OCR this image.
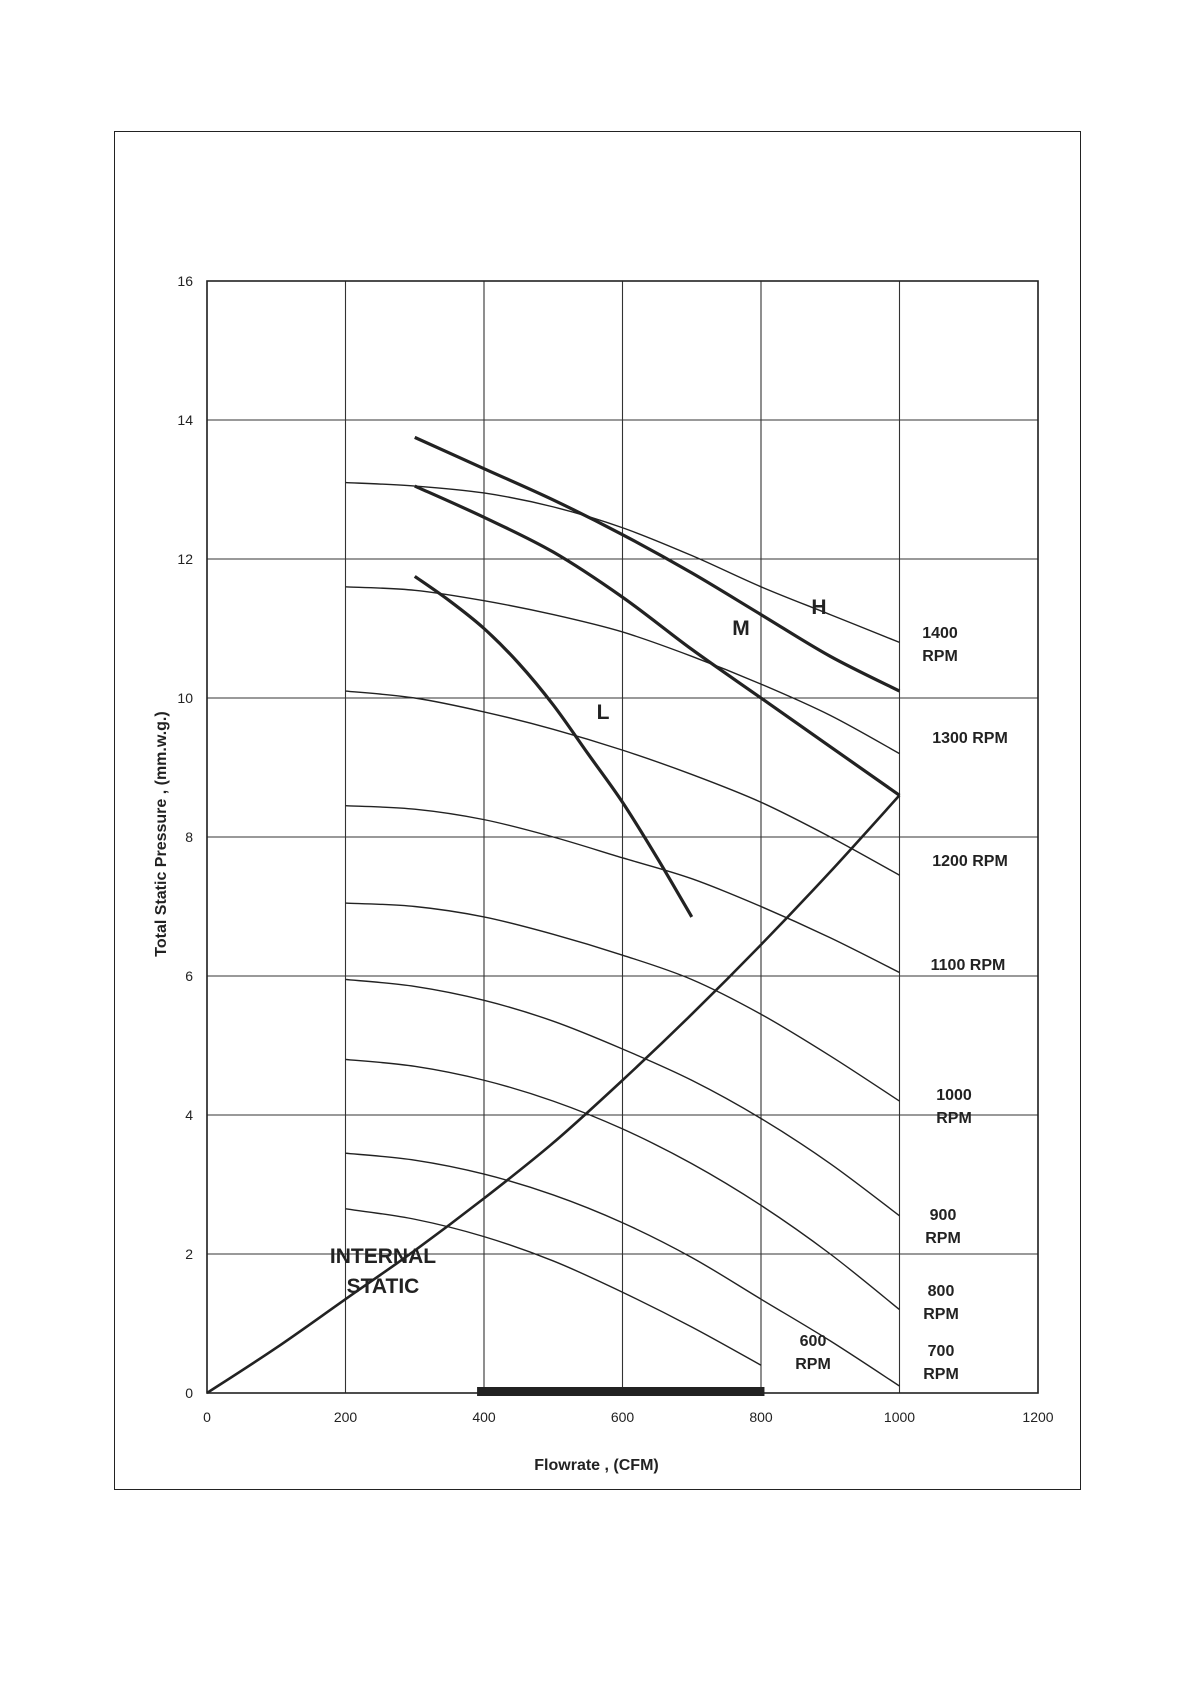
0	200	400	600	800	1000	1200
0
2
4
6
8
10
12
14
16
Flowrate , (CFM)
Total Static Pressure , (mm.w.g.)
1400
RPM
1300 RPM
1200 RPM
1100 RPM
1000
RPM
900
RPM
800
RPM
700
RPM
600
RPM
H
M
L
INTERNAL
STATIC
